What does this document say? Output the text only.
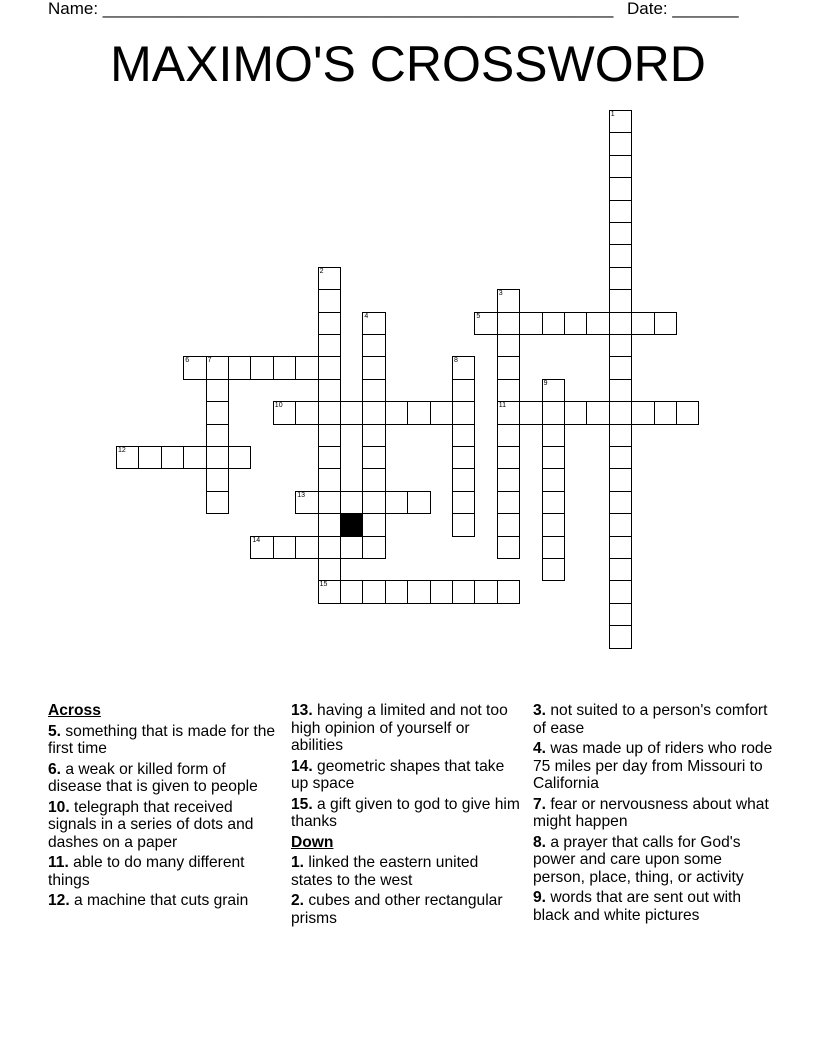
Name: ______________________________________________________ Date: _______
MAXIMO'S CROSSWORD
1
2
15
3
11
4	5
6	7	8
9
10
12
13
14
Across
5. something that is made for the first time
6. a weak or killed form of disease that is given to people
10. telegraph that received signals in a series of dots and dashes on a paper
11. able to do many different things
12. a machine that cuts grain
13. having a limited and not too high opinion of yourself or abilities
14. geometric shapes that take up space
15. a gift given to god to give him thanks
Down
1. linked the eastern united states to the west
2. cubes and other rectangular prisms
3. not suited to a person's comfort of ease
4. was made up of riders who rode 75 miles per day from Missouri to California
7. fear or nervousness about what might happen
8. a prayer that calls for God's power and care upon some person, place, thing, or activity
9. words that are sent out with black and white pictures
